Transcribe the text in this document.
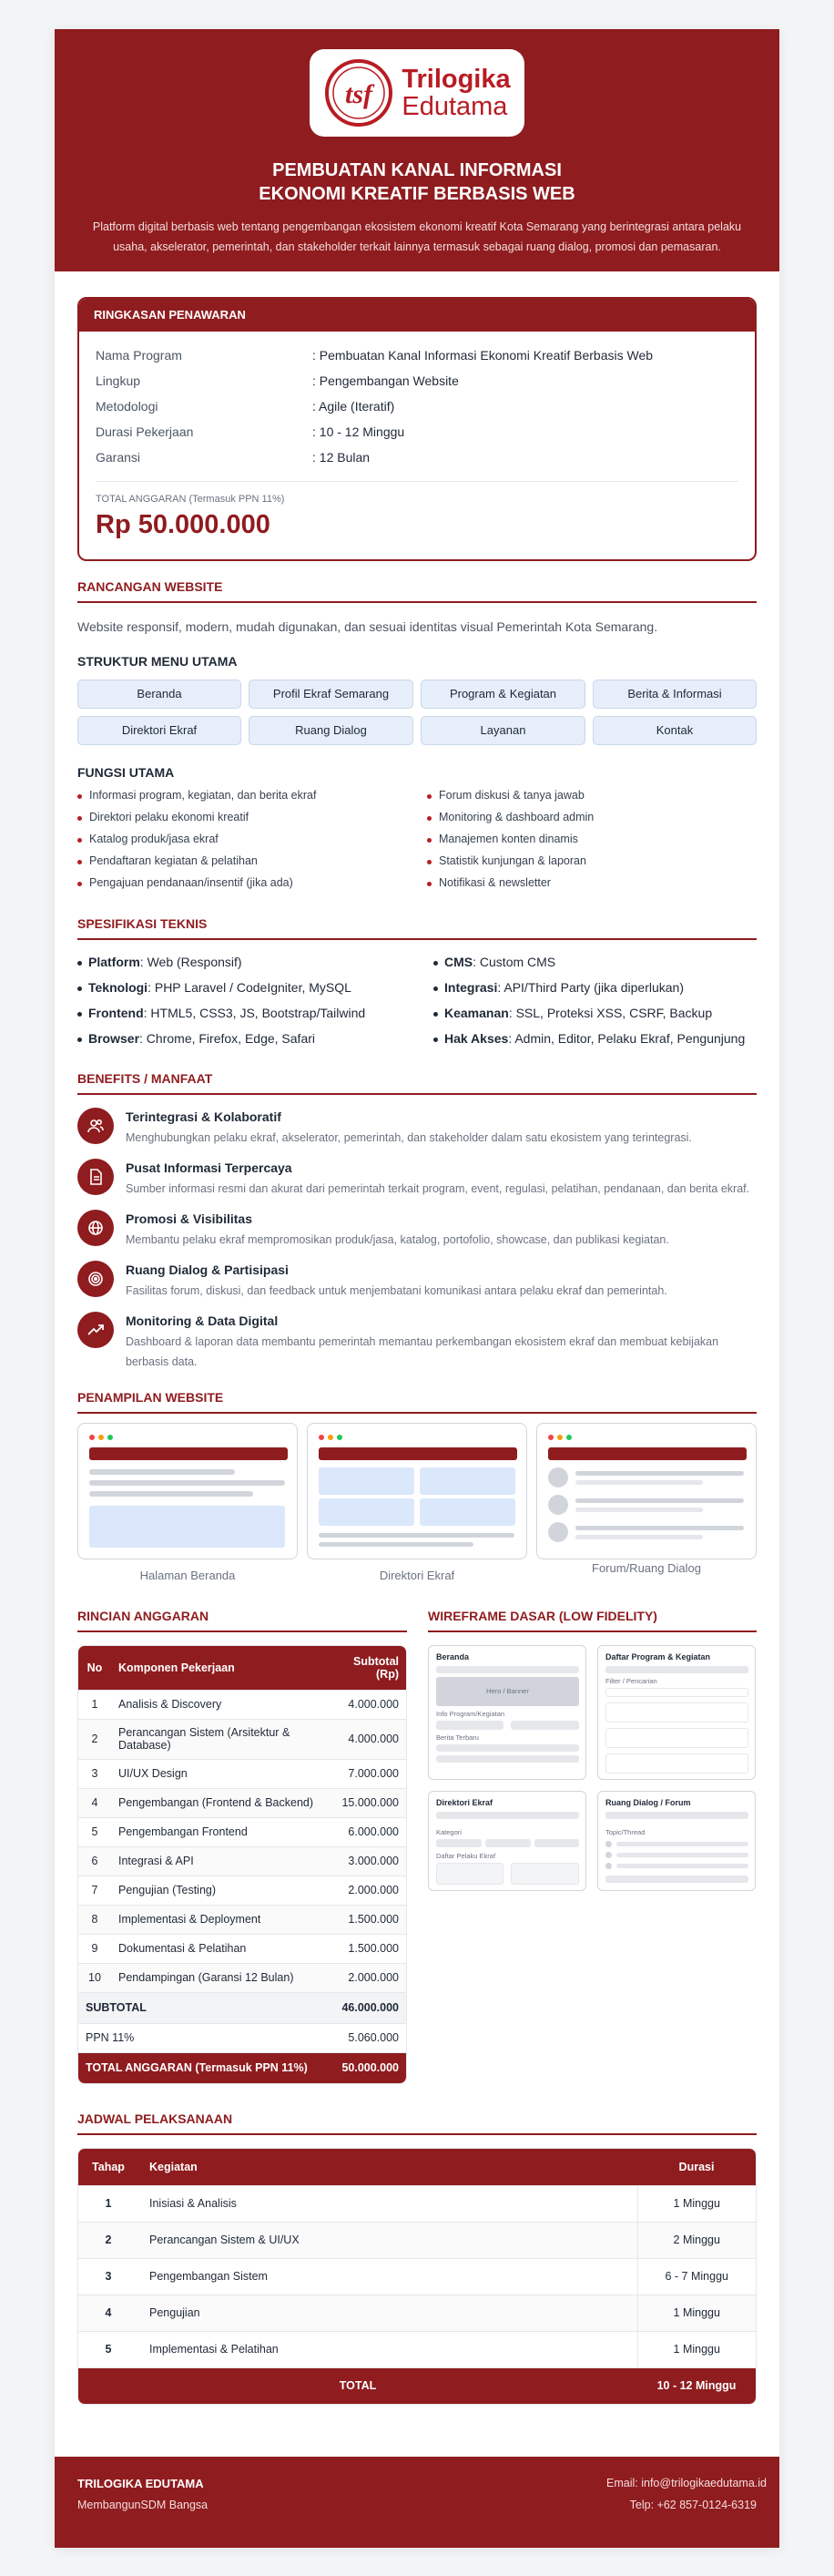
tsf Trilogika
Edutama
PEMBUATAN KANAL INFORMASI
EKONOMI KREATIF BERBASIS WEB
Platform digital berbasis web tentang pengembangan ekosistem ekonomi kreatif Kota Semarang yang berintegrasi antara pelaku usaha, akselerator, pemerintah, dan stakeholder terkait lainnya termasuk sebagai ruang dialog, promosi dan pemasaran.
RINGKASAN PENAWARAN
Nama Program	: Pembuatan Kanal Informasi Ekonomi Kreatif Berbasis Web
Lingkup	: Pengembangan Website
Metodologi	: Agile (Iteratif)
Durasi Pekerjaan	: 10 - 12 Minggu
Garansi	: 12 Bulan
TOTAL ANGGARAN (Termasuk PPN 11%)
Rp 50.000.000
RANCANGAN WEBSITE
Website responsif, modern, mudah digunakan, dan sesuai identitas visual Pemerintah Kota Semarang.
STRUKTUR MENU UTAMA
Beranda	Profil Ekraf Semarang	Program & Kegiatan	Berita & Informasi
Direktori Ekraf	Ruang Dialog	Layanan	Kontak
FUNGSI UTAMA
Informasi program, kegiatan, dan berita ekraf
Direktori pelaku ekonomi kreatif
Katalog produk/jasa ekraf
Pendaftaran kegiatan & pelatihan
Pengajuan pendanaan/insentif (jika ada)
Forum diskusi & tanya jawab
Monitoring & dashboard admin
Manajemen konten dinamis
Statistik kunjungan & laporan
Notifikasi & newsletter
SPESIFIKASI TEKNIS
Platform: Web (Responsif)
Teknologi: PHP Laravel / CodeIgniter, MySQL
Frontend: HTML5, CSS3, JS, Bootstrap/Tailwind
Browser: Chrome, Firefox, Edge, Safari
CMS: Custom CMS
Integrasi: API/Third Party (jika diperlukan)
Keamanan: SSL, Proteksi XSS, CSRF, Backup
Hak Akses: Admin, Editor, Pelaku Ekraf, Pengunjung
BENEFITS / MANFAAT
Terintegrasi & Kolaboratif
Menghubungkan pelaku ekraf, akselerator, pemerintah, dan stakeholder dalam satu ekosistem yang terintegrasi.
Pusat Informasi Terpercaya
Sumber informasi resmi dan akurat dari pemerintah terkait program, event, regulasi, pelatihan, pendanaan, dan berita ekraf.
Promosi & Visibilitas
Membantu pelaku ekraf mempromosikan produk/jasa, katalog, portofolio, showcase, dan publikasi kegiatan.
Ruang Dialog & Partisipasi
Fasilitas forum, diskusi, dan feedback untuk menjembatani komunikasi antara pelaku ekraf dan pemerintah.
Monitoring & Data Digital
Dashboard & laporan data membantu pemerintah memantau perkembangan ekosistem ekraf dan membuat kebijakan berbasis data.
PENAMPILAN WEBSITE
Halaman Beranda	Direktori Ekraf
Forum/Ruang Dialog
RINCIAN ANGGARAN
No	Komponen Pekerjaan	Subtotal
(Rp)

1	Analisis & Discovery	4.000.000
2	Perancangan Sistem (Arsitektur & Database)	4.000.000
3	UI/UX Design	7.000.000
4	Pengembangan (Frontend & Backend)	15.000.000
5	Pengembangan Frontend	6.000.000
6	Integrasi & API	3.000.000
7	Pengujian (Testing)	2.000.000
8	Implementasi & Deployment	1.500.000
9	Dokumentasi & Pelatihan	1.500.000
10	Pendampingan (Garansi 12 Bulan)	2.000.000
SUBTOTAL		46.000.000
PPN 11%		5.060.000
TOTAL ANGGARAN (Termasuk PPN 11%)		50.000.000
WIREFRAME DASAR (LOW FIDELITY)
Beranda
Hero / Banner
Info Program/Kegiatan
Berita Terbaru
Daftar Program & Kegiatan
Filter / Pencarian
Direktori Ekraf
Kategori
Daftar Pelaku Ekraf
Ruang Dialog / Forum
Topic/Thread
JADWAL PELAKSANAAN
Tahap	Kegiatan	Durasi
1	Inisiasi & Analisis	1 Minggu
2	Perancangan Sistem & UI/UX	2 Minggu
3	Pengembangan Sistem	6 - 7 Minggu
4	Pengujian	1 Minggu
5	Implementasi & Pelatihan	1 Minggu
TOTAL		10 - 12 Minggu
TRILOGIKA EDUTAMA
MembangunSDM Bangsa
Email: info@trilogikaedutama.id
Telp: +62 857-0124-6319
